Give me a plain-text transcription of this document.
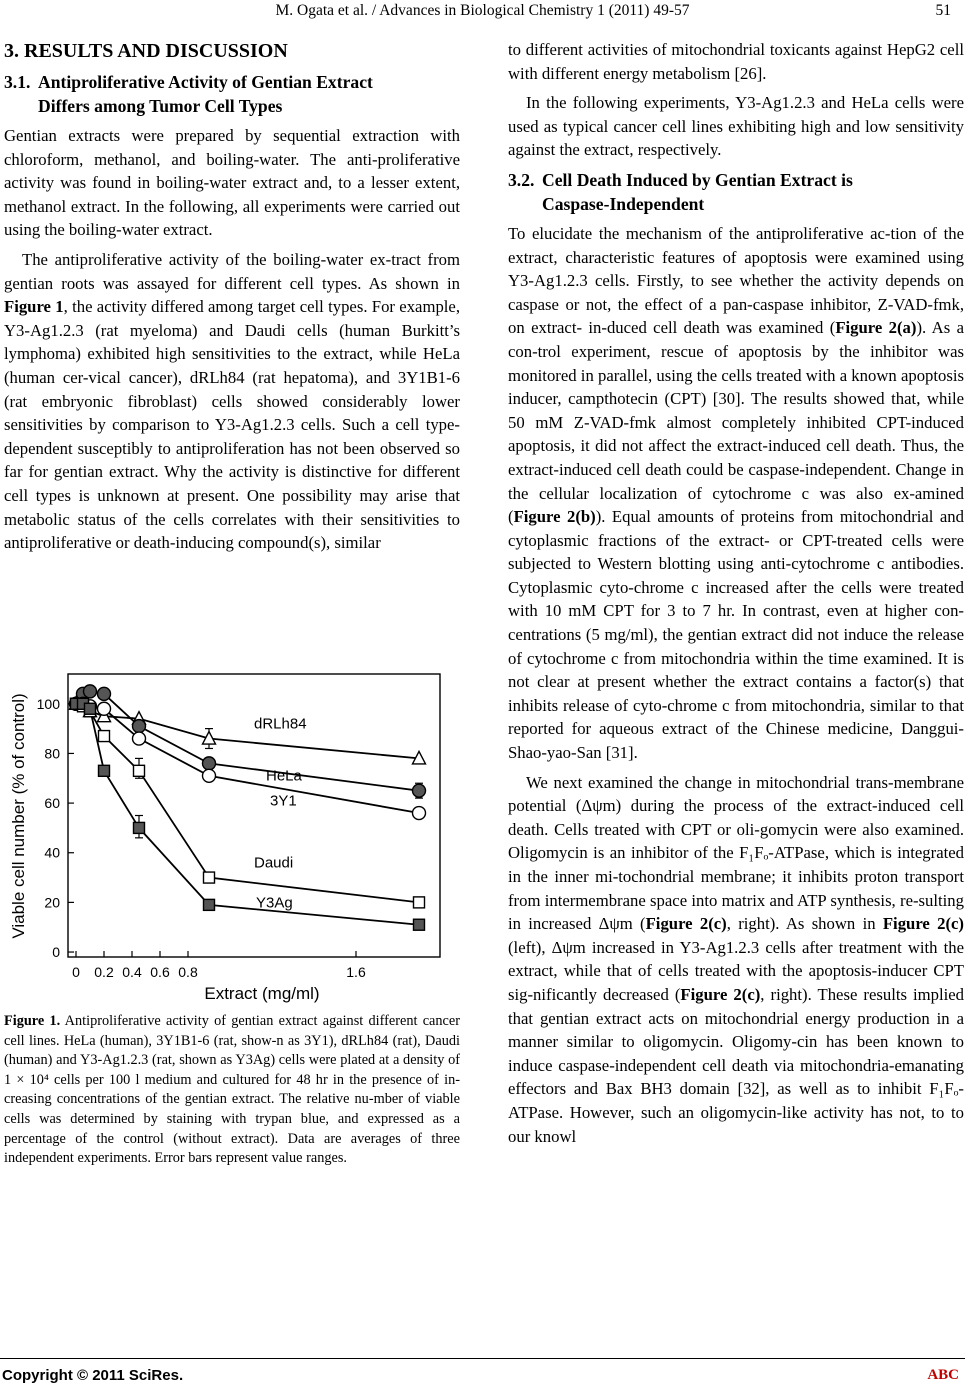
M. Ogata et al. / Advances in Biological Chemistry 1 (2011) 49-57	51
3. RESULTS AND DISCUSSION
3.1. Antiproliferative Activity of Gentian Extract
Differs among Tumor Cell Types

Gentian extracts were prepared by sequential extraction with chloroform, methanol, and boiling-water. The anti-proliferative activity was found in boiling-water extract and, to a lesser extent, methanol extract. In the following, all experiments were carried out using the boiling-water extract.

The antiproliferative activity of the boiling-water ex-tract from gentian roots was assayed for different cell types. As shown in Figure 1, the activity differed among target cell types. For example, Y3-Ag1.2.3 (rat myeloma) and Daudi cells (human Burkitt’s lymphoma) exhibited high sensitivities to the extract, while HeLa (human cer-vical cancer), dRLh84 (rat hepatoma), and 3Y1B1-6 (rat embryonic fibroblast) cells showed considerably lower sensitivities by comparison to Y3-Ag1.2.3 cells. Such a cell type-dependent susceptibly to antiproliferation has not been observed so far for gentian extract. Why the activity is distinctive for different cell types is unknown at present. One possibility may arise that metabolic status of the cells correlates with their sensitivities to antiproliferative or death-inducing compound(s), similar

0
20
40
60
80
100
0 0.2 0.4 0.6 0.8	1.6
dRLh84
HeLa
3Y1
Daudi
Y3Ag
Viable cell number (% of control)
Extract (mg/ml)
Figure 1. Antiproliferative activity of gentian extract against different cancer cell lines. HeLa (human), 3Y1B1-6 (rat, show-n as 3Y1), dRLh84 (rat), Daudi (human) and Y3-Ag1.2.3 (rat, shown as Y3Ag) cells were plated at a density of 1 × 10⁴ cells per 100 l medium and cultured for 48 hr in the presence of in-creasing concentrations of the gentian extract. The relative nu-mber of viable cells was determined by staining with trypan blue, and expressed as a percentage of the control (without extract). Data are averages of three independent experiments. Error bars represent value ranges.

to different activities of mitochondrial toxicants against HepG2 cell with different energy metabolism [26].

In the following experiments, Y3-Ag1.2.3 and HeLa cells were used as typical cancer cell lines exhibiting high and low sensitivity against the extract, respectively.

3.2. Cell Death Induced by Gentian Extract is
Caspase-Independent

To elucidate the mechanism of the antiproliferative ac-tion of the extract, characteristic features of apoptosis were examined using Y3-Ag1.2.3 cells. Firstly, to see whether the activity depends on caspase or not, the effect of a pan-caspase inhibitor, Z-VAD-fmk, on extract- in-duced cell death was examined (Figure 2(a)). As a con-trol experiment, rescue of apoptosis by the inhibitor was monitored in parallel, using the cells treated with a known apoptosis inducer, campthotecin (CPT) [30]. The results showed that, while 50 mM Z-VAD-fmk almost completely inhibited CPT-induced apoptosis, it did not affect the extract-induced cell death. Thus, the extract-induced cell death could be caspase-independent. Change in the cellular localization of cytochrome c was also ex-amined (Figure 2(b)). Equal amounts of proteins from mitochondrial and cytoplasmic fractions of the extract- or CPT-treated cells were subjected to Western blotting using anti-cytochrome c antibodies. Cytoplasmic cyto-chrome c increased after the cells were treated with 10 mM CPT for 3 to 7 hr. In contrast, even at higher con-centrations (5 mg/ml), the gentian extract did not induce the release of cytochrome c from mitochondria within the time examined. It is not clear at present whether the extract contains a factor(s) that inhibits release of cyto-chrome c from mitochondria, similar to that reported for aqueous extract of the Chinese medicine, Danggui-Shao-yao-San [31].

We next examined the change in mitochondrial trans-membrane potential (Δψm) during the process of the extract-induced cell death. Cells treated with CPT or oli-gomycin were also examined. Oligomycin is an inhibitor of the F₁Fₒ-ATPase, which is integrated in the inner mi-tochondrial membrane; it inhibits proton transport from intermembrane space into matrix and ATP synthesis, re-sulting in increased Δψm (Figure 2(c), right). As shown in Figure 2(c) (left), Δψm increased in Y3-Ag1.2.3 cells after treatment with the extract, while that of cells treated with the apoptosis-inducer CPT sig-nificantly decreased (Figure 2(c), right). These results implied that gentian extract acts on mitochondrial energy production in a manner similar to oligomycin. Oligomy-cin has been known to induce caspase-independent cell death via mitochondria-emanating effectors and Bax BH3 domain [32], as well as to inhibit F₁Fₒ-ATPase. However, such an oligomycin-like activity has not, to to our knowl

Copyright © 2011 SciRes.	ABC
